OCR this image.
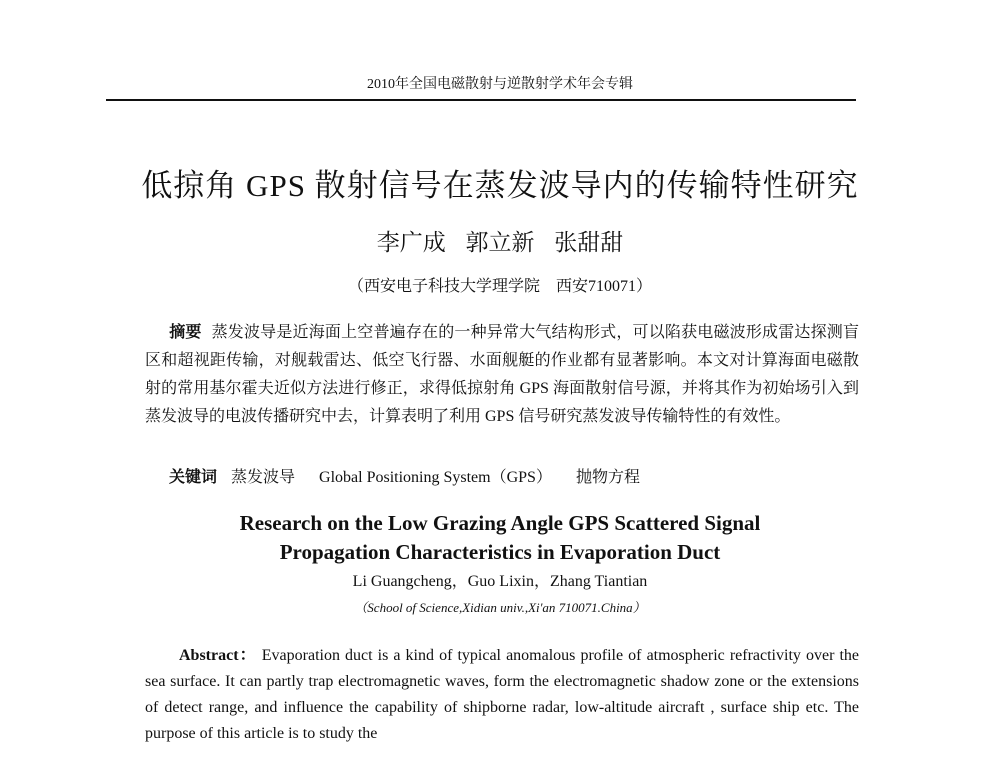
2010年全国电磁散射与逆散射学术年会专辑
低掠角 GPS 散射信号在蒸发波导内的传输特性研究
李广成 郭立新 张甜甜
（西安电子科技大学理学院　西安710071）
摘要 蒸发波导是近海面上空普遍存在的一种异常大气结构形式，可以陷获电磁波形成雷达探测盲区和超视距传输，对舰载雷达、低空飞行器、水面舰艇的作业都有显著影响。本文对计算海面电磁散射的常用基尔霍夫近似方法进行修正，求得低掠射角 GPS 海面散射信号源，并将其作为初始场引入到蒸发波导的电波传播研究中去，计算表明了利用 GPS 信号研究蒸发波导传输特性的有效性。
关键词 蒸发波导 Global Positioning System（GPS） 抛物方程
Research on the Low Grazing Angle GPS Scattered Signal
Propagation Characteristics in Evaporation Duct
Li Guangcheng，Guo Lixin，Zhang Tiantian
（School of Science,Xidian univ.,Xi'an 710071.China）
Abstract： Evaporation duct is a kind of typical anomalous profile of atmospheric refractivity over the sea surface. It can partly trap electromagnetic waves, form the electromagnetic shadow zone or the extensions of detect range, and influence the capability of shipborne radar, low-altitude aircraft , surface ship etc. The purpose of this article is to study the
